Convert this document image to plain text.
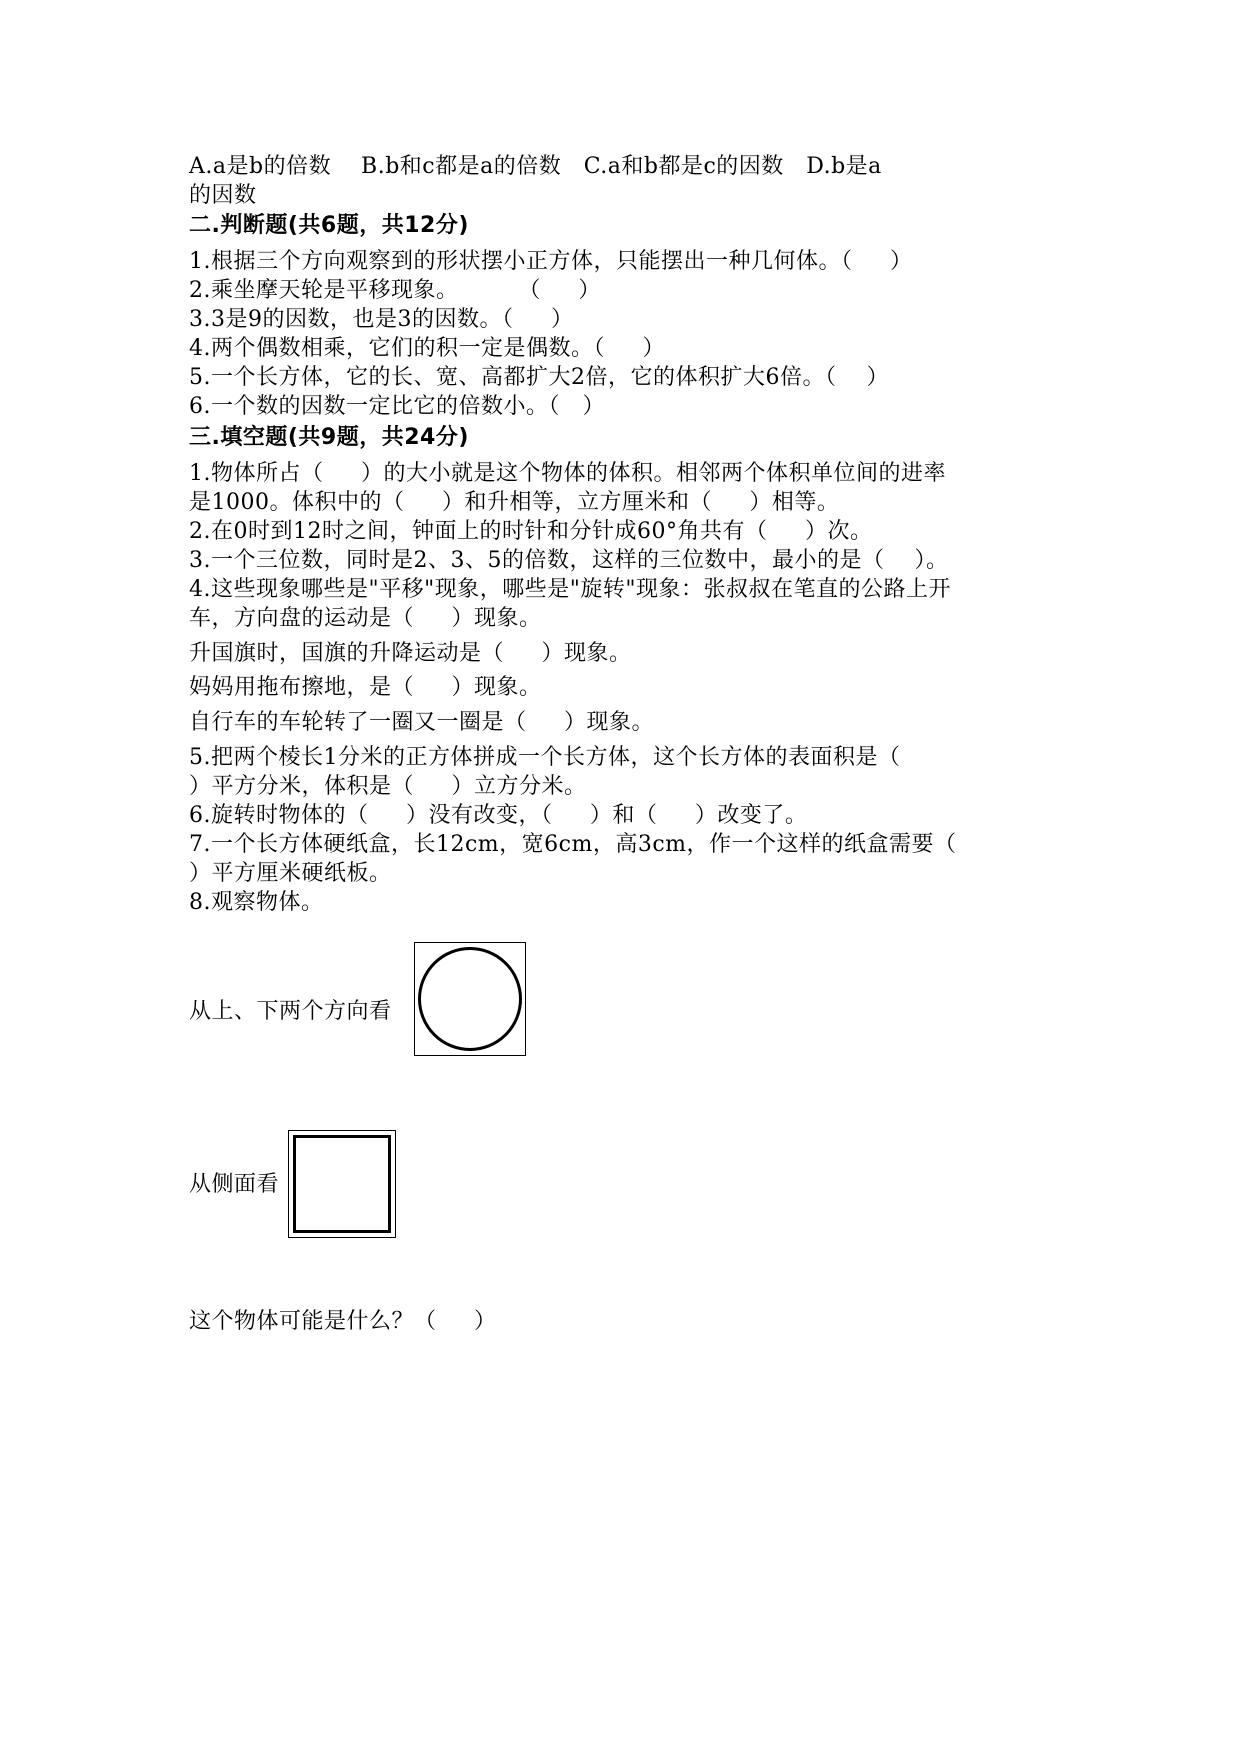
A.a是b的倍数    B.b和c都是a的倍数   C.a和b都是c的因数   D.b是a
的因数
二.判断题(共6题，共12分)
1.根据三个方向观察到的形状摆小正方体，只能摆出一种几何体。（     ）
2.乘坐摩天轮是平移现象。        （     ）
3.3是9的因数，也是3的因数。（     ）
4.两个偶数相乘，它们的积一定是偶数。（     ）
5.一个长方体，它的长、宽、高都扩大2倍，它的体积扩大6倍。（    ）
6.一个数的因数一定比它的倍数小。（   ）
三.填空题(共9题，共24分)
1.物体所占（     ）的大小就是这个物体的体积。相邻两个体积单位间的进率
是1000。体积中的（     ）和升相等，立方厘米和（     ）相等。
2.在0时到12时之间，钟面上的时针和分针成60°角共有（     ）次。
3.一个三位数，同时是2、3、5的倍数，这样的三位数中，最小的是（    ）。
4.这些现象哪些是"平移"现象，哪些是"旋转"现象：张叔叔在笔直的公路上开
车，方向盘的运动是（     ）现象。
升国旗时，国旗的升降运动是（     ）现象。
妈妈用拖布擦地，是（     ）现象。
自行车的车轮转了一圈又一圈是（     ）现象。
5.把两个棱长1分米的正方体拼成一个长方体，这个长方体的表面积是（
）平方分米，体积是（     ）立方分米。
6.旋转时物体的（     ）没有改变，（     ）和（     ）改变了。
7.一个长方体硬纸盒，长12cm，宽6cm，高3cm，作一个这样的纸盒需要（
）平方厘米硬纸板。
8.观察物体。
从上、下两个方向看
从侧面看
这个物体可能是什么？（     ）
